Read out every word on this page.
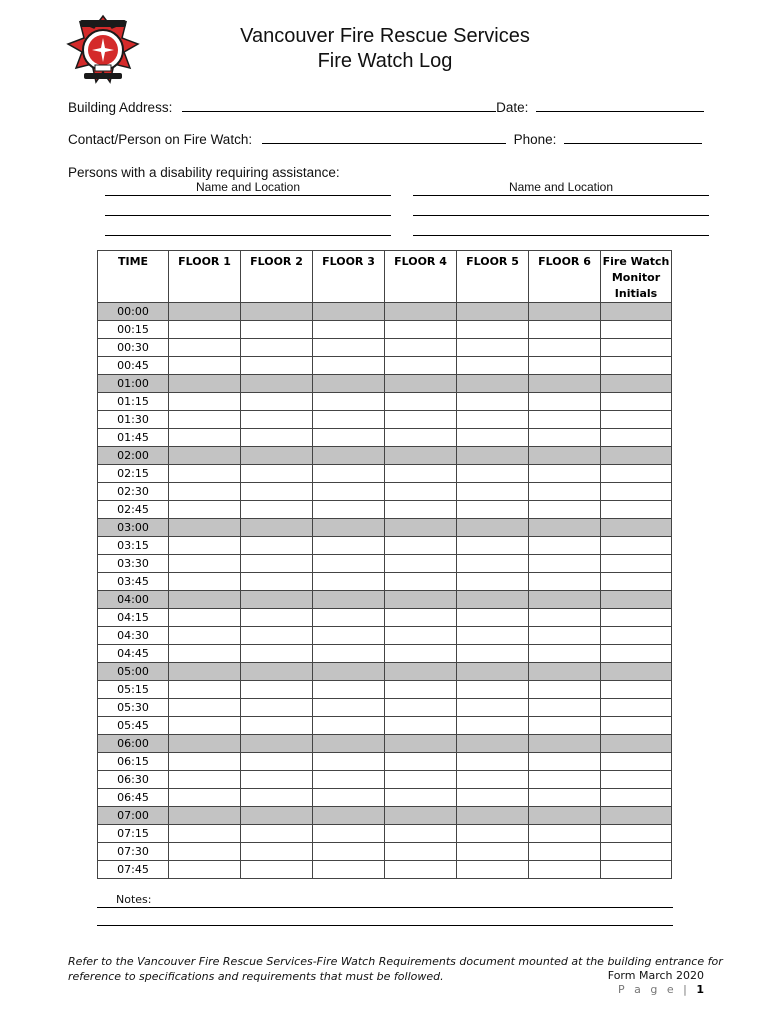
Vancouver Fire Rescue Services
Fire Watch Log
Building Address:	Date:
Contact/Person on Fire Watch:	Phone:
Persons with a disability requiring assistance:
Name and Location	Name and Location
TIME	FLOOR 1	FLOOR 2	FLOOR 3	FLOOR 4	FLOOR 5	FLOOR 6	Fire Watch Monitor Initials
00:00							
00:15							
00:30							
00:45							
01:00							
01:15							
01:30							
01:45							
02:00							
02:15							
02:30							
02:45							
03:00							
03:15							
03:30							
03:45							
04:00							
04:15							
04:30							
04:45							
05:00							
05:15							
05:30							
05:45							
06:00							
06:15							
06:30							
06:45							
07:00							
07:15							
07:30							
07:45							
Notes:
Refer to the Vancouver Fire Rescue Services-Fire Watch Requirements document mounted at the building entrance for
reference to specifications and requirements that must be followed.	Form March 2020
P a g e | 1
